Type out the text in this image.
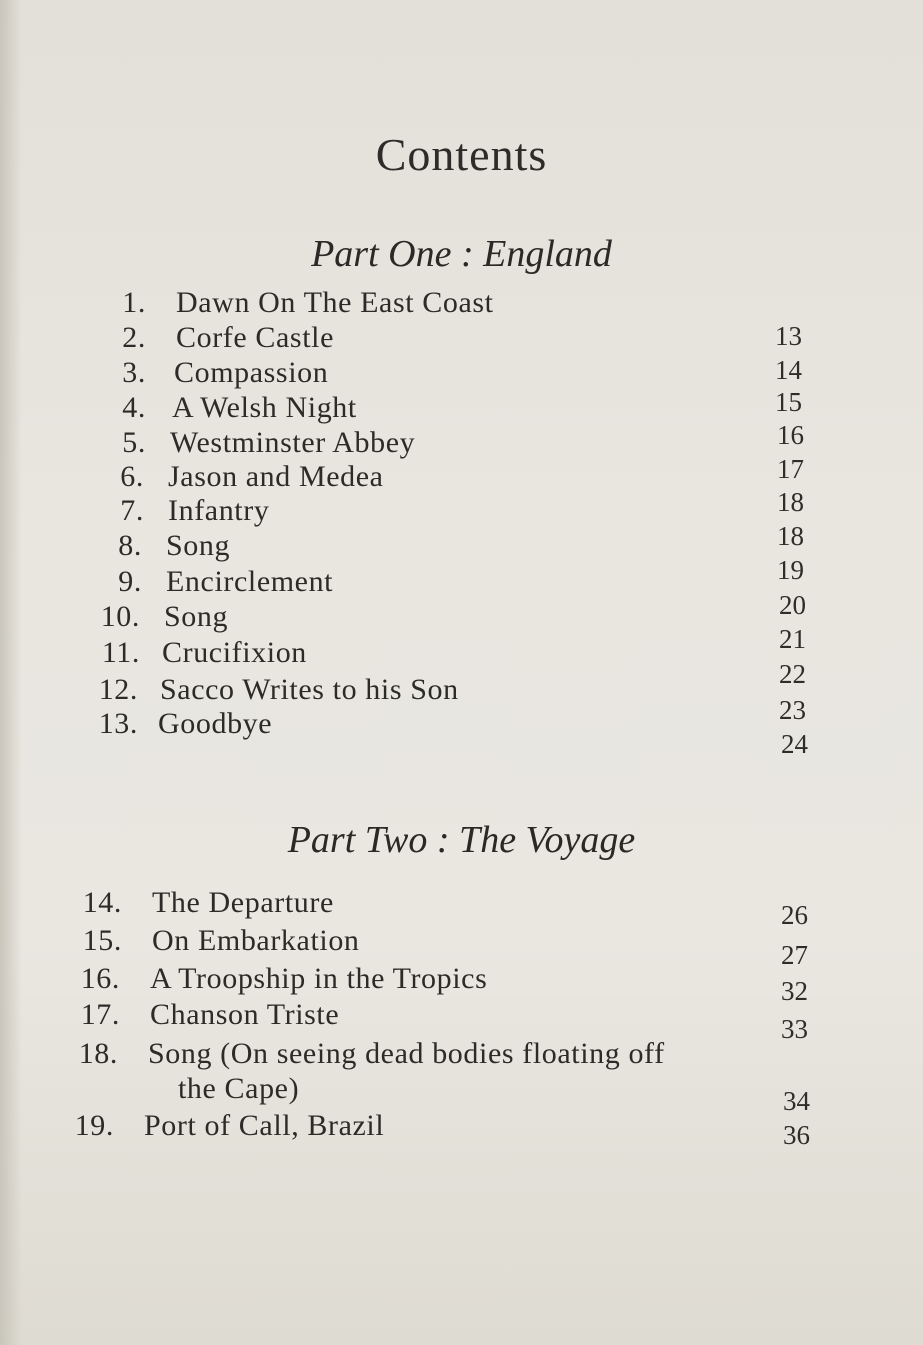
Contents
Part One : England
1. Dawn On The East Coast
2. Corfe Castle
3. Compassion
4. A Welsh Night
5. Westminster Abbey
6. Jason and Medea
7. Infantry
8. Song
9. Encirclement
10. Song
11. Crucifixion
12. Sacco Writes to his Son
13. Goodbye
13
14
15
16
17
18
18
19
20
21
22
23
24
Part Two : The Voyage
14. The Departure
15. On Embarkation
16. A Troopship in the Tropics
17. Chanson Triste
18. Song (On seeing dead bodies floating off
the Cape)
19. Port of Call, Brazil
26
27
32
33
34
36
